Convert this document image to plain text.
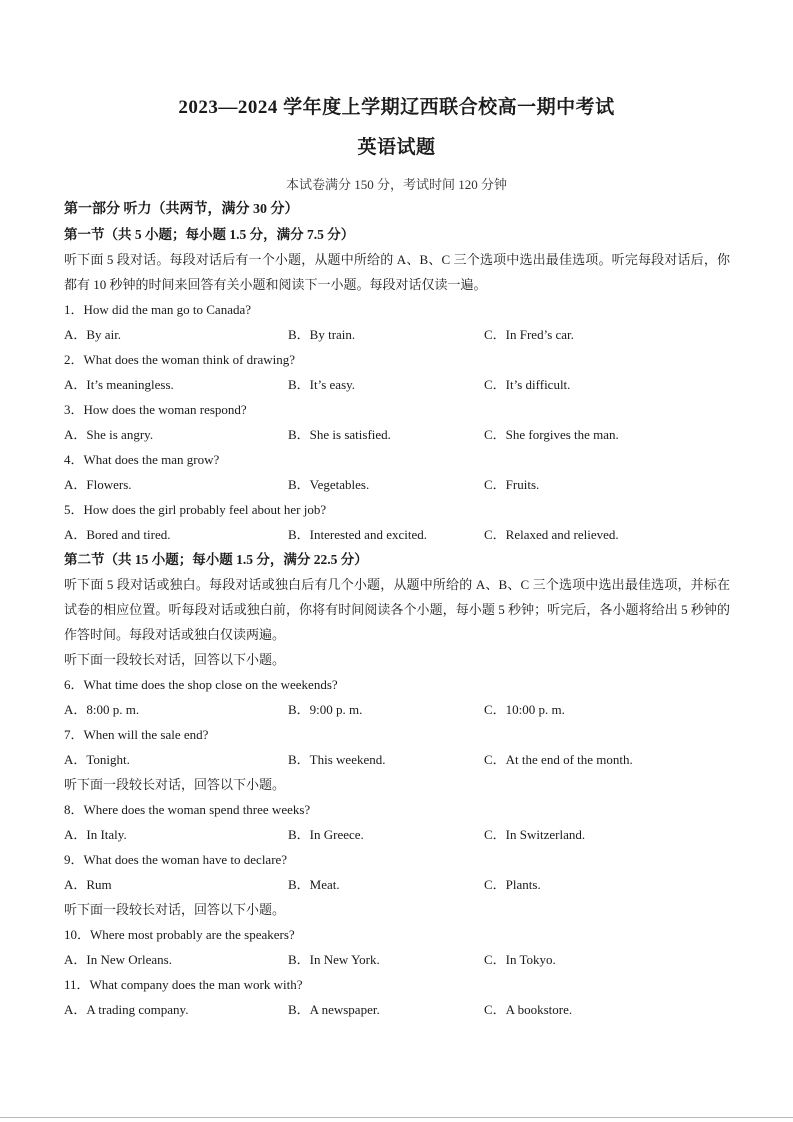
2023—2024 学年度上学期辽西联合校高一期中考试
英语试题
本试卷满分 150 分，考试时间 120 分钟
第一部分 听力（共两节，满分 30 分）
第一节（共 5 小题；每小题 1.5 分，满分 7.5 分）

听下面 5 段对话。每段对话后有一个小题，从题中所给的 A、B、C 三个选项中选出最佳选项。听完每段对话后，你都有 10 秒钟的时间来回答有关小题和阅读下一小题。每段对话仅读一遍。

1．How did the man go to Canada?
A．By air.	B．By train.	C．In Fred’s car.
2．What does the woman think of drawing?
A．It’s meaningless.	B．It’s easy.	C．It’s difficult.
3．How does the woman respond?
A．She is angry.	B．She is satisfied.	C．She forgives the man.
4．What does the man grow?
A．Flowers.	B．Vegetables.	C．Fruits.
5．How does the girl probably feel about her job?
A．Bored and tired.	B．Interested and excited.	C．Relaxed and relieved.
第二节（共 15 小题；每小题 1.5 分，满分 22.5 分）

听下面 5 段对话或独白。每段对话或独白后有几个小题，从题中所给的 A、B、C 三个选项中选出最佳选项，并标在试卷的相应位置。听每段对话或独白前，你将有时间阅读各个小题，每小题 5 秒钟；听完后，各小题将给出 5 秒钟的作答时间。每段对话或独白仅读两遍。

听下面一段较长对话，回答以下小题。
6．What time does the shop close on the weekends?
A．8:00 p. m.	B．9:00 p. m.	C．10:00 p. m.
7．When will the sale end?
A．Tonight.	B．This weekend.	C．At the end of the month.
听下面一段较长对话，回答以下小题。
8．Where does the woman spend three weeks?
A．In Italy.	B．In Greece.	C．In Switzerland.
9．What does the woman have to declare?
A．Rum	B．Meat.	C．Plants.
听下面一段较长对话，回答以下小题。
10．Where most probably are the speakers?
A．In New Orleans.	B．In New York.	C．In Tokyo.
11．What company does the man work with?
A．A trading company.	B．A newspaper.	C．A bookstore.
